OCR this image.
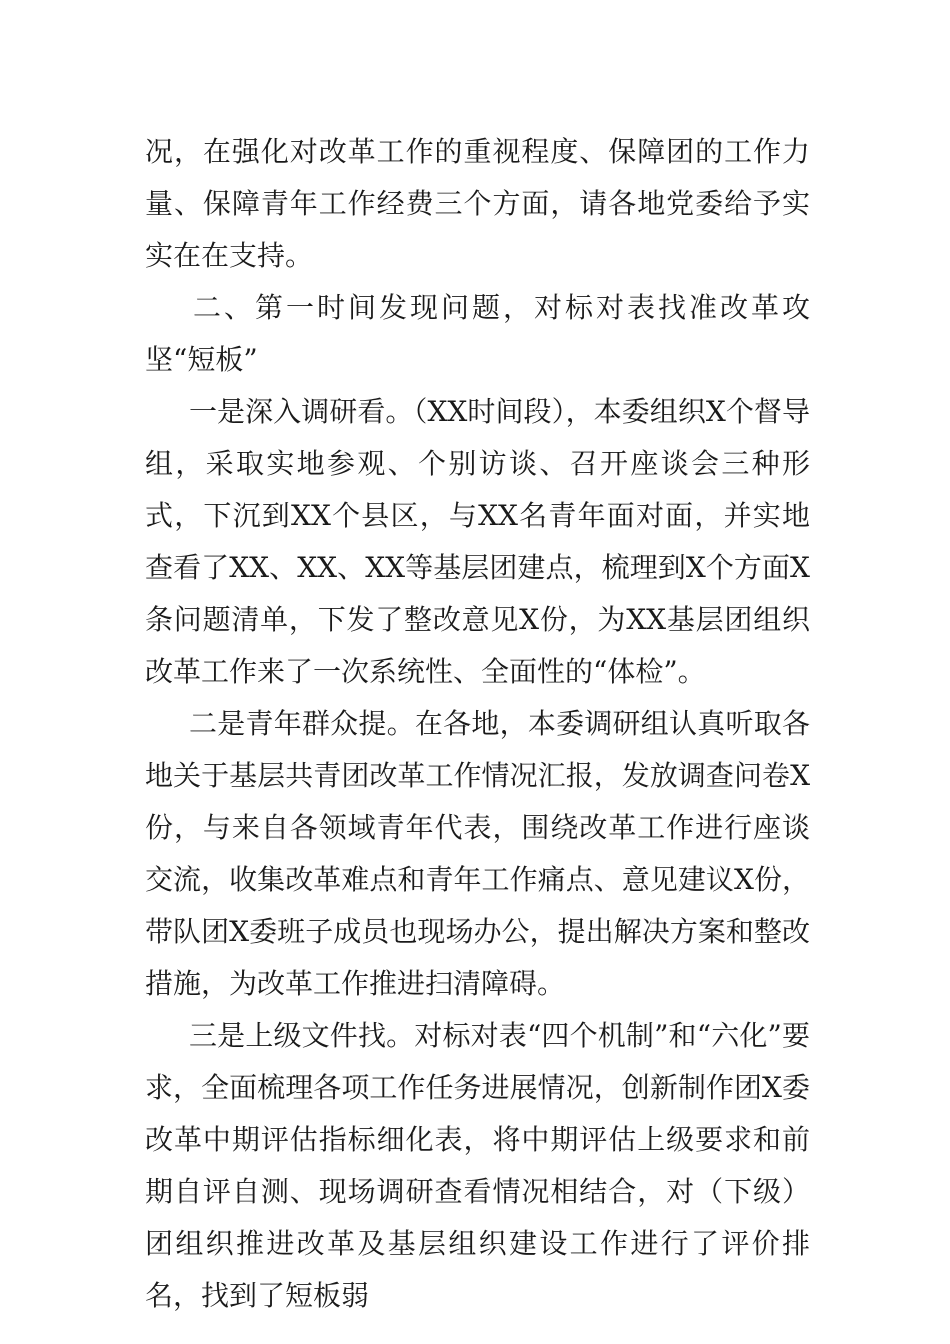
况，在强化对改革工作的重视程度、保障团的工作力量、保障青年工作经费三个方面，请各地党委给予实实在在支持。

二、第一时间发现问题，对标对表找准改革攻坚“短板”

一是深入调研看。（XX时间段），本委组织X个督导组，采取实地参观、个别访谈、召开座谈会三种形式，下沉到XX个县区，与XX名青年面对面，并实地查看了XX、XX、XX等基层团建点，梳理到X个方面X条问题清单，下发了整改意见X份，为XX基层团组织改革工作来了一次系统性、全面性的“体检”。

二是青年群众提。在各地，本委调研组认真听取各地关于基层共青团改革工作情况汇报，发放调查问卷X份，与来自各领域青年代表，围绕改革工作进行座谈交流，收集改革难点和青年工作痛点、意见建议X份，带队团X委班子成员也现场办公，提出解决方案和整改措施，为改革工作推进扫清障碍。

三是上级文件找。对标对表“四个机制”和“六化”要求，全面梳理各项工作任务进展情况，创新制作团X委改革中期评估指标细化表，将中期评估上级要求和前期自评自测、现场调研查看情况相结合，对（下级）团组织推进改革及基层组织建设工作进行了评价排名，找到了短板弱
